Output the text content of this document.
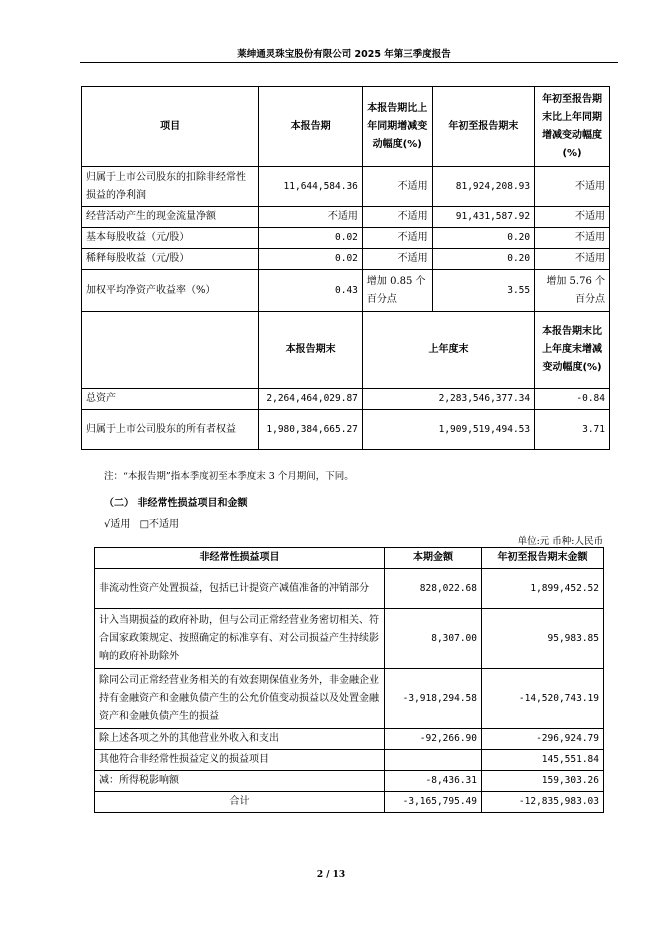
莱绅通灵珠宝股份有限公司 2025 年第三季度报告
项目	本报告期	本报告期比上年同期增减变动幅度(%)	年初至报告期末	年初至报告期末比上年同期增减变动幅度(%)
归属于上市公司股东的扣除非经常性损益的净利润	11,644,584.36	不适用	81,924,208.93	不适用
经营活动产生的现金流量净额	不适用	不适用	91,431,587.92	不适用
基本每股收益（元/股）	0.02	不适用	0.20	不适用
稀释每股收益（元/股）	0.02	不适用	0.20	不适用
加权平均净资产收益率（%）	0.43	增加 0.85 个百分点	3.55	增加 5.76 个百分点
	本报告期末	上年度末		本报告期末比上年度末增减变动幅度(%)
总资产	2,264,464,029.87	2,283,546,377.34		-0.84
归属于上市公司股东的所有者权益	1,980,384,665.27	1,909,519,494.53		3.71
注：“本报告期”指本季度初至本季度末 3 个月期间，下同。
（二） 非经常性损益项目和金额
√适用 □不适用
单位:元 币种:人民币
非经常性损益项目	本期金额	年初至报告期末金额
非流动性资产处置损益，包括已计提资产减值准备的冲销部分	828,022.68	1,899,452.52
计入当期损益的政府补助，但与公司正常经营业务密切相关、符合国家政策规定、按照确定的标准享有、对公司损益产生持续影响的政府补助除外	8,307.00	95,983.85
除同公司正常经营业务相关的有效套期保值业务外，非金融企业持有金融资产和金融负债产生的公允价值变动损益以及处置金融资产和金融负债产生的损益	-3,918,294.58	-14,520,743.19
除上述各项之外的其他营业外收入和支出	-92,266.90	-296,924.79
其他符合非经常性损益定义的损益项目		145,551.84
减：所得税影响额	-8,436.31	159,303.26
合计	-3,165,795.49	-12,835,983.03
2 / 13
